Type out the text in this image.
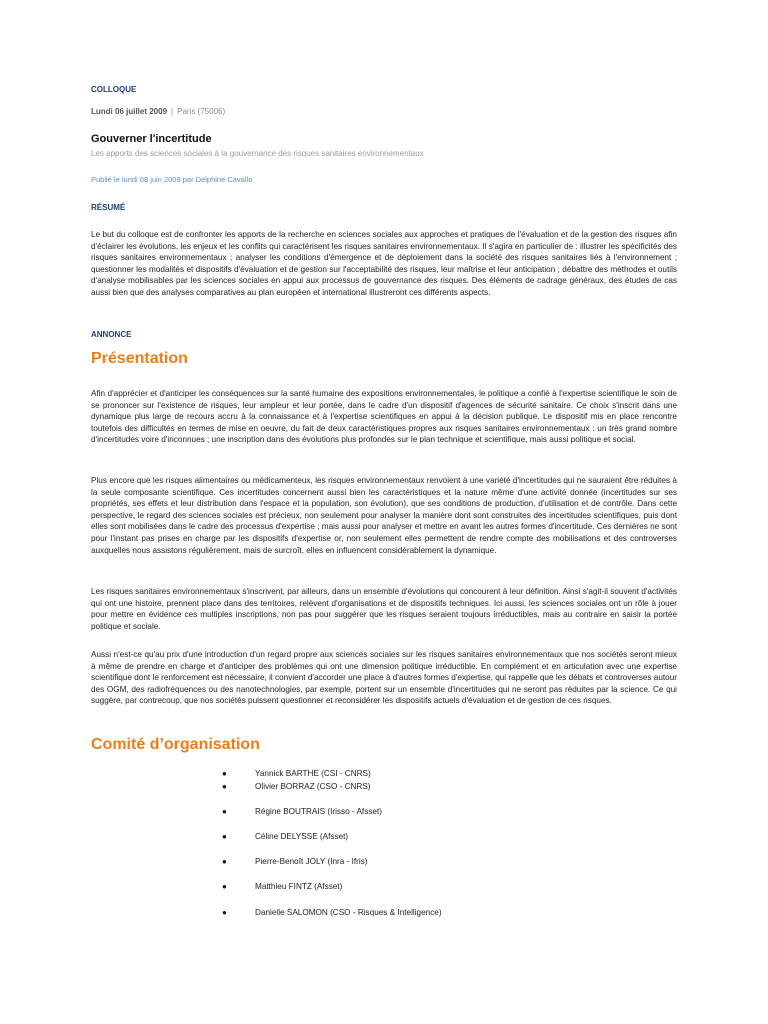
COLLOQUE

Lundi 06 juillet 2009 | Paris (75006)
Gouverner l'incertitude

Les apports des sciences sociales à la gouvernance des risques sanitaires environnementaux

Publié le lundi 08 juin 2009 par Delphine Cavallo

RÉSUMÉ

Le but du colloque est de confronter les apports de la recherche en sciences sociales aux approches et pratiques de l'évaluation et de la gestion des risques afin d'éclairer les évolutions, les enjeux et les conflits qui caractérisent les risques sanitaires environnementaux. Il s'agira en particulier de : illustrer les spécificités des risques sanitaires environnementaux ; analyser les conditions d'émergence et de déploiement dans la société des risques sanitaires liés à l'environnement ; questionner les modalités et dispositifs d'évaluation et de gestion sur l'acceptabilité des risques, leur maîtrise et leur anticipation ; débattre des méthodes et outils d'analyse mobilisables par les sciences sociales en appui aux processus de gouvernance des risques. Des éléments de cadrage généraux, des études de cas aussi bien que des analyses comparatives au plan européen et international illustreront ces différents aspects.

ANNONCE

Présentation

Afin d'apprécier et d'anticiper les conséquences sur la santé humaine des expositions environnementales, le politique a confié à l'expertise scientifique le soin de se prononcer sur l'existence de risques, leur ampleur et leur portée, dans le cadre d'un dispositif d'agences de sécurité sanitaire. Ce choix s'inscrit dans une dynamique plus large de recours accru à la connaissance et à l'expertise scientifiques en appui à la décision publique. Le dispositif mis en place rencontre toutefois des difficultés en termes de mise en oeuvre, du fait de deux caractéristiques propres aux risques sanitaires environnementaux : un très grand nombre d'incertitudes voire d'inconnues ; une inscription dans des évolutions plus profondes sur le plan technique et scientifique, mais aussi politique et social.

Plus encore que les risques alimentaires ou médicamenteux, les risques environnementaux renvoient à une variété d'incertitudes qui ne sauraient être réduites à la seule composante scientifique. Ces incertitudes concernent aussi bien les caractéristiques et la nature même d'une activité donnée (incertitudes sur ses propriétés, ses effets et leur distribution dans l'espace et la population, son évolution), que ses conditions de production, d'utilisation et de contrôle. Dans cette perspective, le regard des sciences sociales est précieux, non seulement pour analyser la manière dont sont construites des incertitudes scientifiques, puis dont elles sont mobilisées dans le cadre des processus d'expertise ; mais aussi pour analyser et mettre en avant les autres formes d'incertitude. Ces dernières ne sont pour l'instant pas prises en charge par les dispositifs d'expertise or, non seulement elles permettent de rendre compte des mobilisations et des controverses auxquelles nous assistons régulièrement, mais de surcroît, elles en influencent considérablement la dynamique.

Les risques sanitaires environnementaux s'inscrivent, par ailleurs, dans un ensemble d'évolutions qui concourent à leur définition. Ainsi s'agit-il souvent d'activités qui ont une histoire, prennent place dans des territoires, relèvent d'organisations et de dispositifs techniques. Ici aussi, les sciences sociales ont un rôle à jouer pour mettre en évidence ces multiples inscriptions, non pas pour suggérer que les risques seraient toujours irréductibles, mais au contraire en saisir la portée politique et sociale.

Aussi n'est-ce qu'au prix d'une introduction d'un regard propre aux sciences sociales sur les risques sanitaires environnementaux que nos sociétés seront mieux à même de prendre en charge et d'anticiper des problèmes qui ont une dimension politique irréductible. En complément et en articulation avec une expertise scientifique dont le renforcement est nécessaire, il convient d'accorder une place à d'autres formes d'expertise, qui rappelle que les débats et controverses autour des OGM, des radiofréquences ou des nanotechnologies, par exemple, portent sur un ensemble d'incertitudes qui ne seront pas réduites par la science. Ce qui suggère, par contrecoup, que nos sociétés puissent questionner et reconsidérer les dispositifs actuels d'évaluation et de gestion de ces risques.

Comité d’organisation
●	Yannick BARTHE (CSI - CNRS)
●	Olivier BORRAZ (CSO - CNRS)
●	Régine BOUTRAIS (Irisso - Afsset)
●	Céline DELYSSE (Afsset)
●	Pierre-Benoît JOLY (Inra - Ifris)
●	Matthieu FINTZ (Afsset)
●	Danielle SALOMON (CSO - Risques & Intelligence)
